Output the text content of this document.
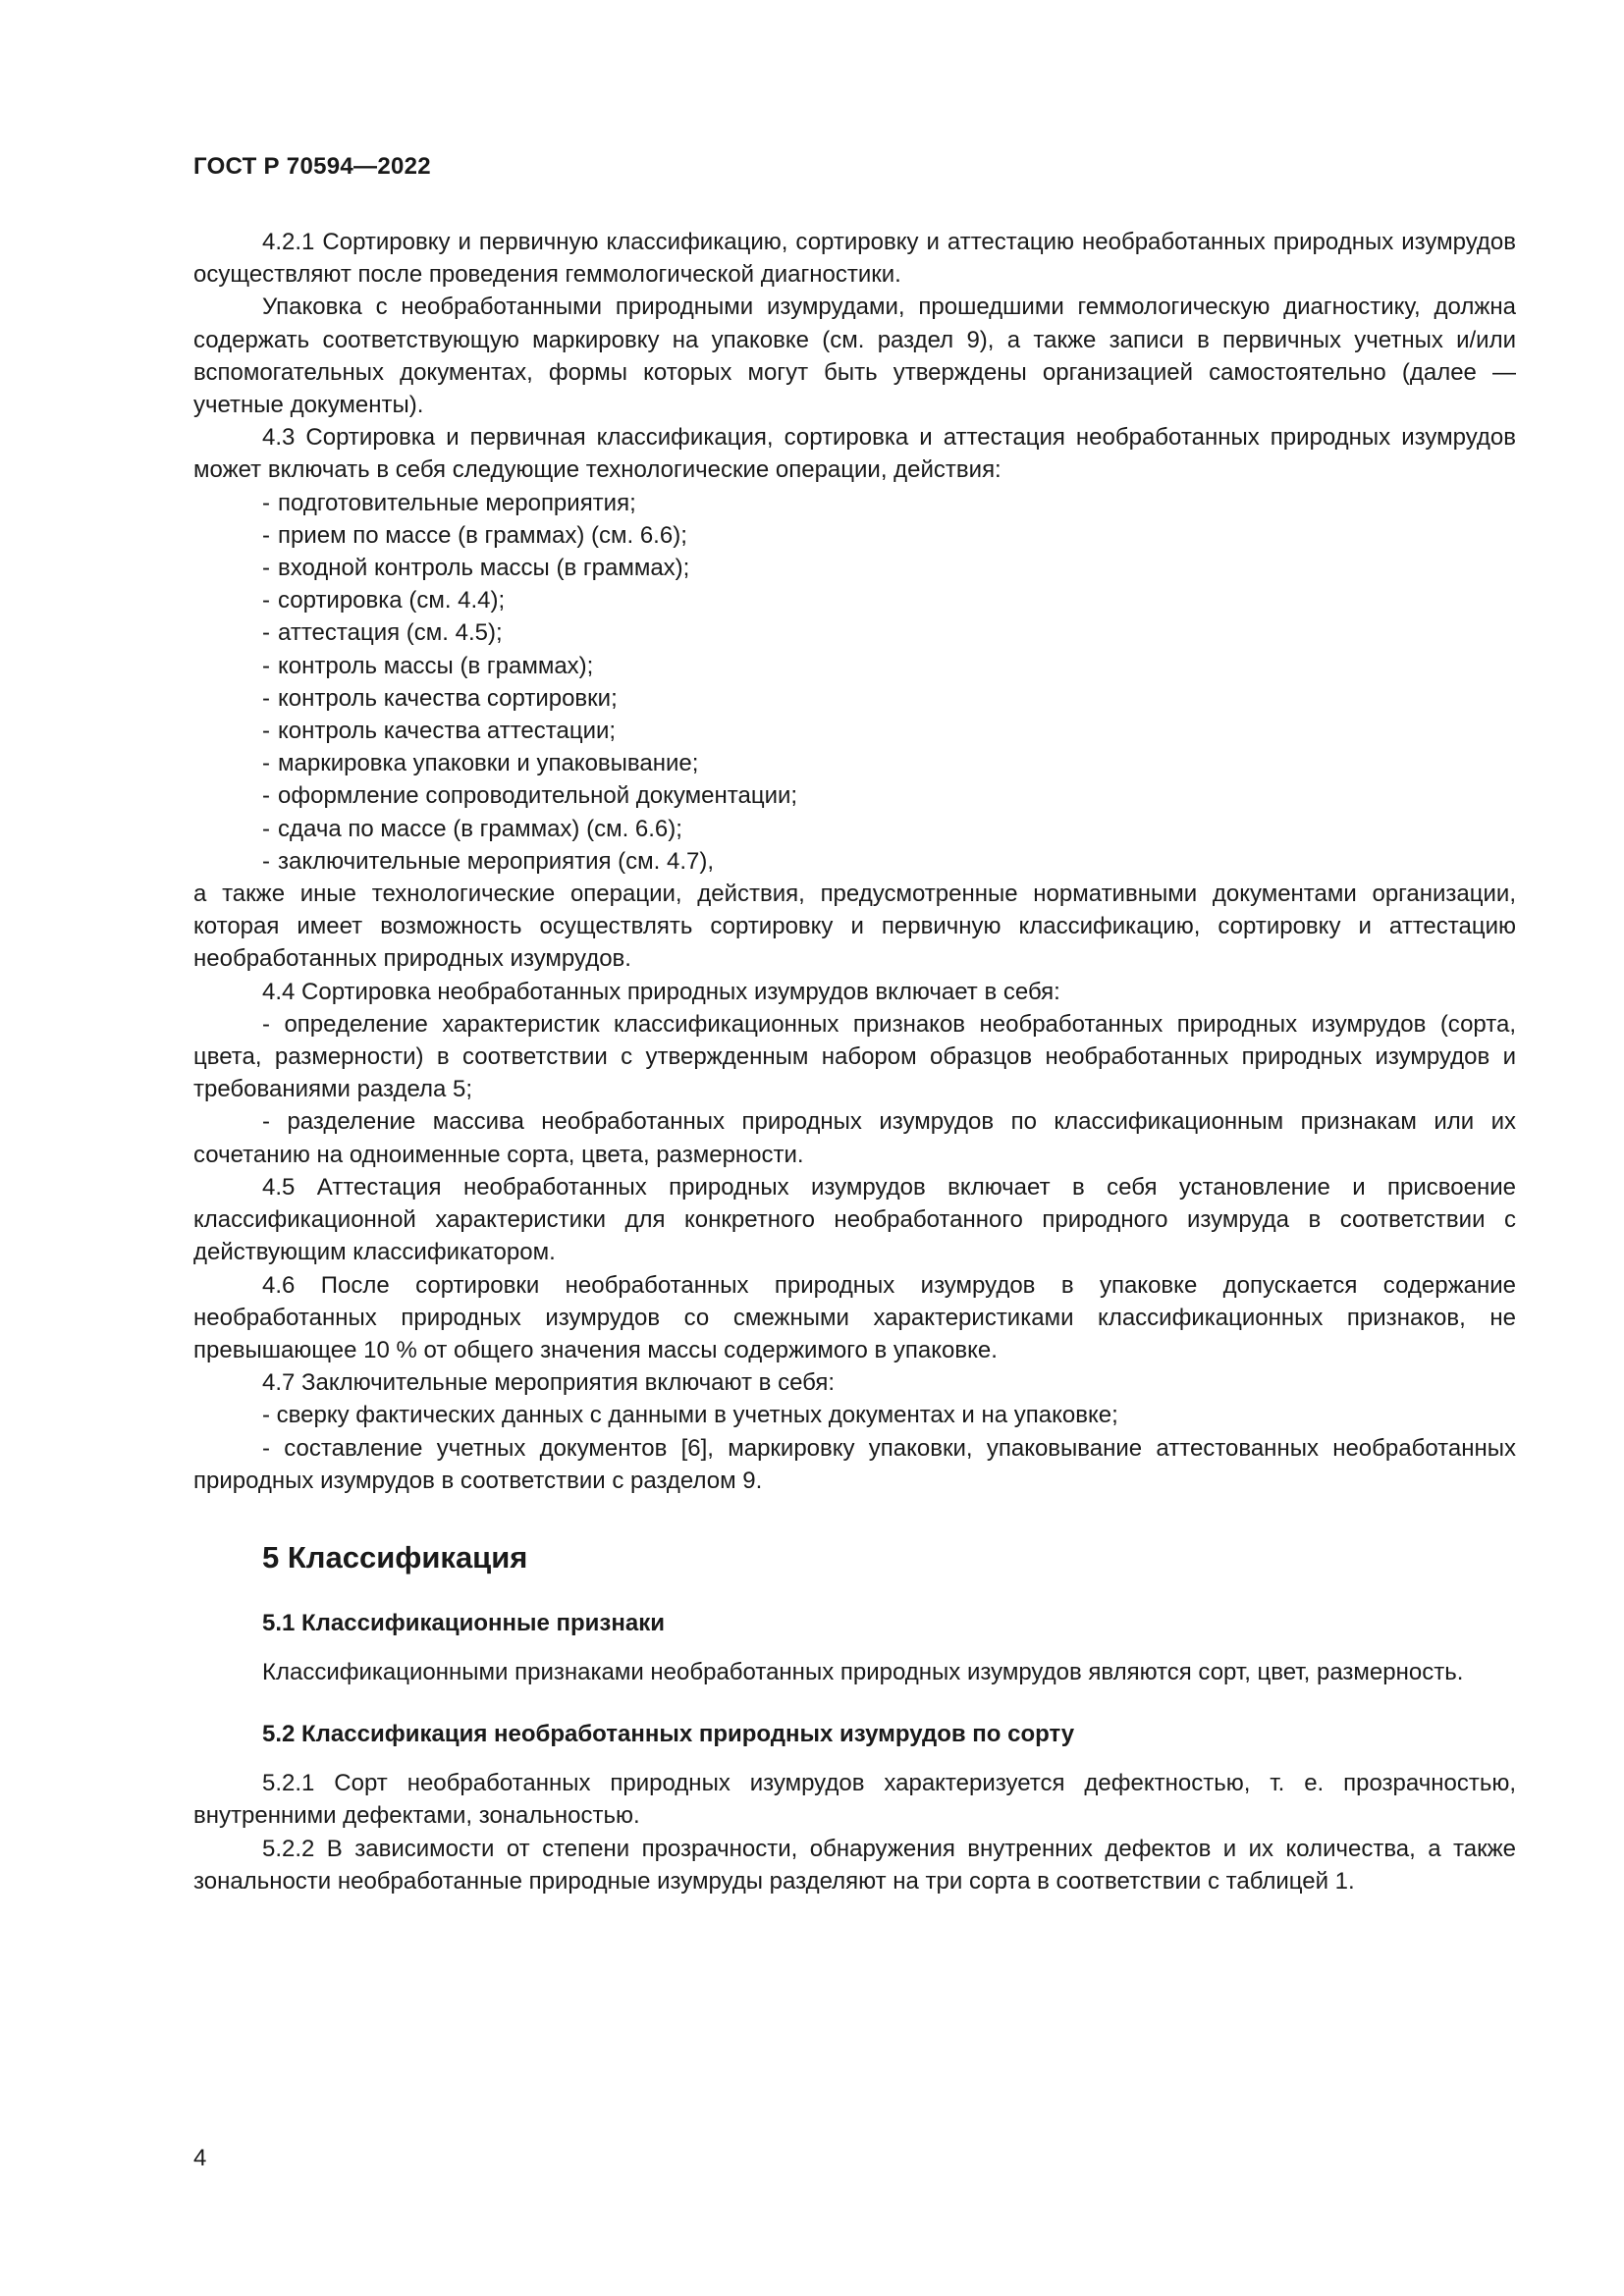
ГОСТ Р 70594—2022

4.2.1 Сортировку и первичную классификацию, сортировку и аттестацию необработанных природных изумрудов осуществляют после проведения геммологической диагностики.

Упаковка с необработанными природными изумрудами, прошедшими геммологическую диагностику, должна содержать соответствующую маркировку на упаковке (см. раздел 9), а также записи в первичных учетных и/или вспомогательных документах, формы которых могут быть утверждены организацией самостоятельно (далее — учетные документы).

4.3 Сортировка и первичная классификация, сортировка и аттестация необработанных природных изумрудов может включать в себя следующие технологические операции, действия:

- подготовительные мероприятия;
- прием по массе (в граммах) (см. 6.6);
- входной контроль массы (в граммах);
- сортировка (см. 4.4);
- аттестация (см. 4.5);
- контроль массы (в граммах);
- контроль качества сортировки;
- контроль качества аттестации;
- маркировка упаковки и упаковывание;
- оформление сопроводительной документации;
- сдача по массе (в граммах) (см. 6.6);
- заключительные мероприятия (см. 4.7),

а также иные технологические операции, действия, предусмотренные нормативными документами организации, которая имеет возможность осуществлять сортировку и первичную классификацию, сортировку и аттестацию необработанных природных изумрудов.

4.4 Сортировка необработанных природных изумрудов включает в себя:

- определение характеристик классификационных признаков необработанных природных изумрудов (сорта, цвета, размерности) в соответствии с утвержденным набором образцов необработанных природных изумрудов и требованиями раздела 5;

- разделение массива необработанных природных изумрудов по классификационным признакам или их сочетанию на одноименные сорта, цвета, размерности.

4.5 Аттестация необработанных природных изумрудов включает в себя установление и присвоение классификационной характеристики для конкретного необработанного природного изумруда в соответствии с действующим классификатором.

4.6 После сортировки необработанных природных изумрудов в упаковке допускается содержание необработанных природных изумрудов со смежными характеристиками классификационных признаков, не превышающее 10 % от общего значения массы содержимого в упаковке.

4.7 Заключительные мероприятия включают в себя:

- сверку фактических данных с данными в учетных документах и на упаковке;

- составление учетных документов [6], маркировку упаковки, упаковывание аттестованных необработанных природных изумрудов в соответствии с разделом 9.

5 Классификация
5.1 Классификационные признаки

Классификационными признаками необработанных природных изумрудов являются сорт, цвет, размерность.

5.2 Классификация необработанных природных изумрудов по сорту

5.2.1 Сорт необработанных природных изумрудов характеризуется дефектностью, т. е. прозрачностью, внутренними дефектами, зональностью.

5.2.2 В зависимости от степени прозрачности, обнаружения внутренних дефектов и их количества, а также зональности необработанные природные изумруды разделяют на три сорта в соответствии с таблицей 1.

4
